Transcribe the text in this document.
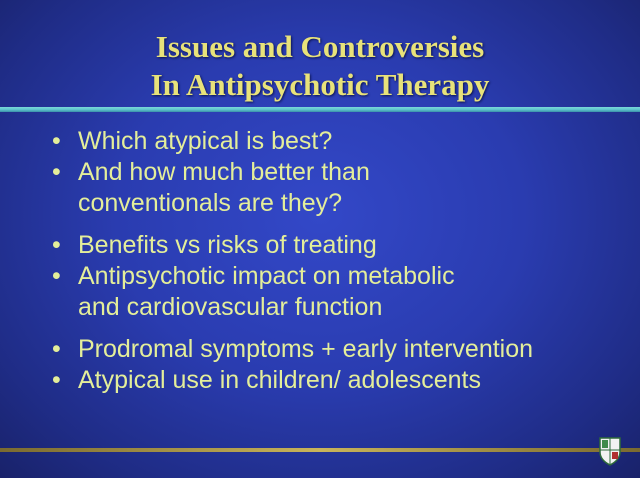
Issues and Controversies
In Antipsychotic Therapy
• Which atypical is best?
• And how much better than
conventionals are they?
• Benefits vs risks of treating
• Antipsychotic impact on metabolic
and cardiovascular function
• Prodromal symptoms + early intervention
• Atypical use in children/ adolescents
